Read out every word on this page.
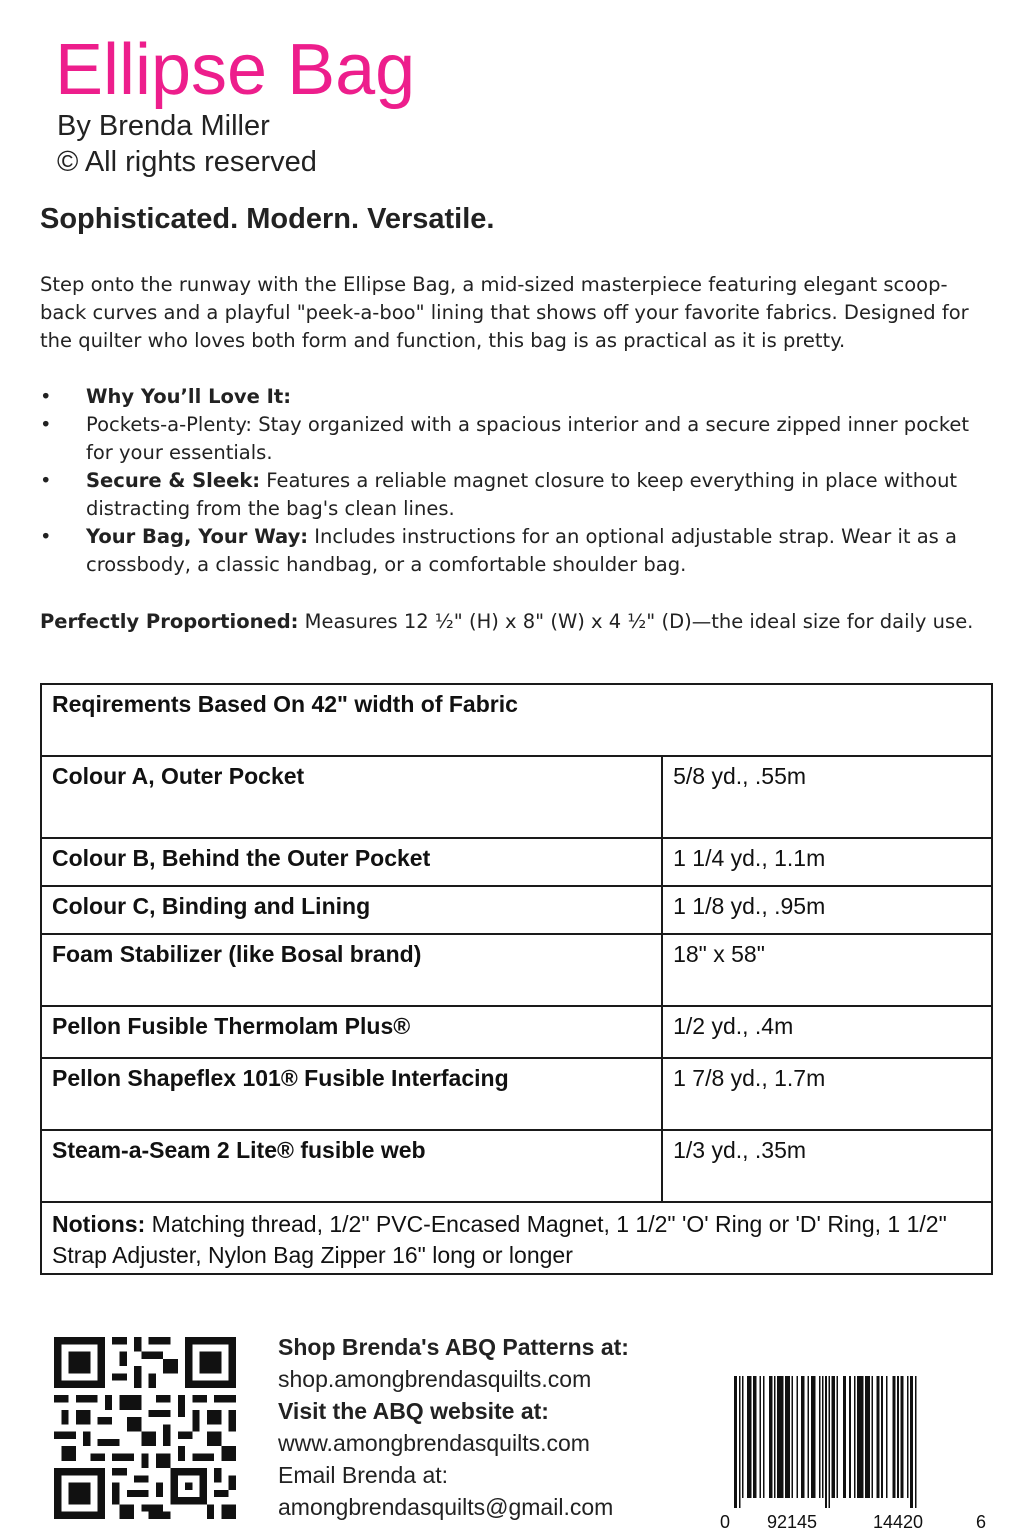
Ellipse Bag
By Brenda Miller
© All rights reserved
Sophisticated. Modern. Versatile.

Step onto the runway with the Ellipse Bag, a mid-sized masterpiece featuring elegant scoop-back curves and a playful "peek-a-boo" lining that shows off your favorite fabrics. Designed for the quilter who loves both form and function, this bag is as practical as it is pretty.

• Why You’ll Love It:
• Pockets-a-Plenty: Stay organized with a spacious interior and a secure zipped inner pocket for your essentials.
• Secure & Sleek: Features a reliable magnet closure to keep everything in place without distracting from the bag's clean lines.
• Your Bag, Your Way: Includes instructions for an optional adjustable strap. Wear it as a crossbody, a classic handbag, or a comfortable shoulder bag.

Perfectly Proportioned: Measures 12 ½" (H) x 8" (W) x 4 ½" (D)—the ideal size for daily use.

Reqirements Based On 42" width of Fabric	
Colour A, Outer Pocket	5/8 yd., .55m
Colour B, Behind the Outer Pocket	1 1/4 yd., 1.1m
Colour C, Binding and Lining	1 1/8 yd., .95m
Foam Stabilizer (like Bosal brand)	18" x 58"
Pellon Fusible Thermolam Plus®	1/2 yd., .4m
Pellon Shapeflex 101® Fusible Interfacing	1 7/8 yd., 1.7m
Steam-a-Seam 2 Lite® fusible web	1/3 yd., .35m
Notions: Matching thread, 1/2" PVC-Encased Magnet, 1 1/2" 'O' Ring or 'D' Ring, 1 1/2" Strap Adjuster, Nylon Bag Zipper 16" long or longer	
Shop Brenda's ABQ Patterns at:
shop.amongbrendasquilts.com
Visit the ABQ website at:
www.amongbrendasquilts.com
Email Brenda at:
amongbrendasquilts@gmail.com
0 92145	14420	6
